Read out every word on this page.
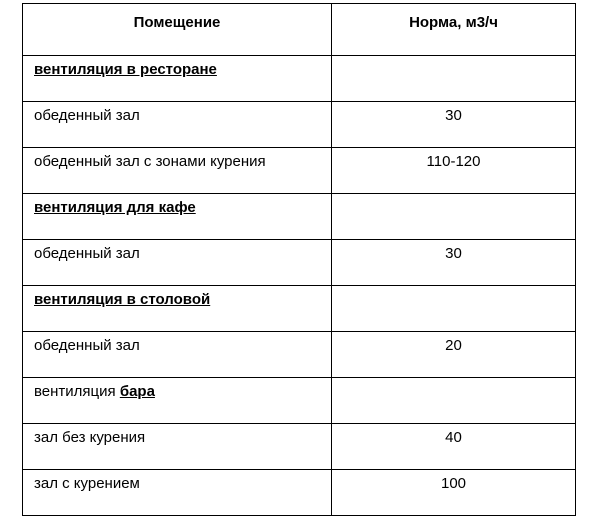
Помещение	Норма, м3/ч
вентиляция в ресторане	
обеденный зал	30
обеденный зал с зонами курения	110-120
вентиляция для кафе	
обеденный зал	30
вентиляция в столовой	
обеденный зал	20
вентиляция бара	
зал без курения	40
зал с курением	100
